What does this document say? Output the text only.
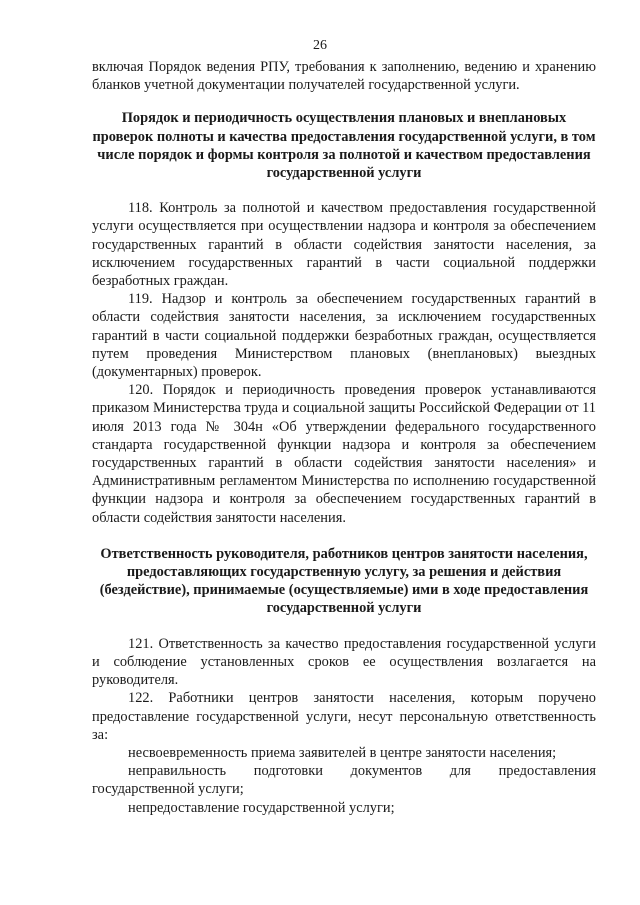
26

включая Порядок ведения РПУ, требования к заполнению, ведению и хранению бланков учетной документации получателей государственной услуги.

Порядок и периодичность осуществления плановых и внеплановых проверок полноты и качества предоставления государственной услуги, в том числе порядок и формы контроля за полнотой и качеством предоставления государственной услуги

118. Контроль за полнотой и качеством предоставления государственной услуги осуществляется при осуществлении надзора и контроля за обеспечением государственных гарантий в области содействия занятости населения, за исключением государственных гарантий в части социальной поддержки безработных граждан.

119. Надзор и контроль за обеспечением государственных гарантий в области содействия занятости населения, за исключением государственных гарантий в части социальной поддержки безработных граждан, осуществляется путем проведения Министерством плановых (внеплановых) выездных (документарных) проверок.

120. Порядок и периодичность проведения проверок устанавливаются приказом Министерства труда и социальной защиты Российской Федерации от 11 июля 2013 года № 304н «Об утверждении федерального государственного стандарта государственной функции надзора и контроля за обеспечением государственных гарантий в области содействия занятости населения» и Административным регламентом Министерства по исполнению государственной функции надзора и контроля за обеспечением государственных гарантий в области содействия занятости населения.

Ответственность руководителя, работников центров занятости населения, предоставляющих государственную услугу, за решения и действия (бездействие), принимаемые (осуществляемые) ими в ходе предоставления государственной услуги

121. Ответственность за качество предоставления государственной услуги и соблюдение установленных сроков ее осуществления возлагается на руководителя.

122. Работники центров занятости населения, которым поручено предоставление государственной услуги, несут персональную ответственность за:

несвоевременность приема заявителей в центре занятости населения;

неправильность подготовки документов для предоставления государственной услуги;

непредоставление государственной услуги;
